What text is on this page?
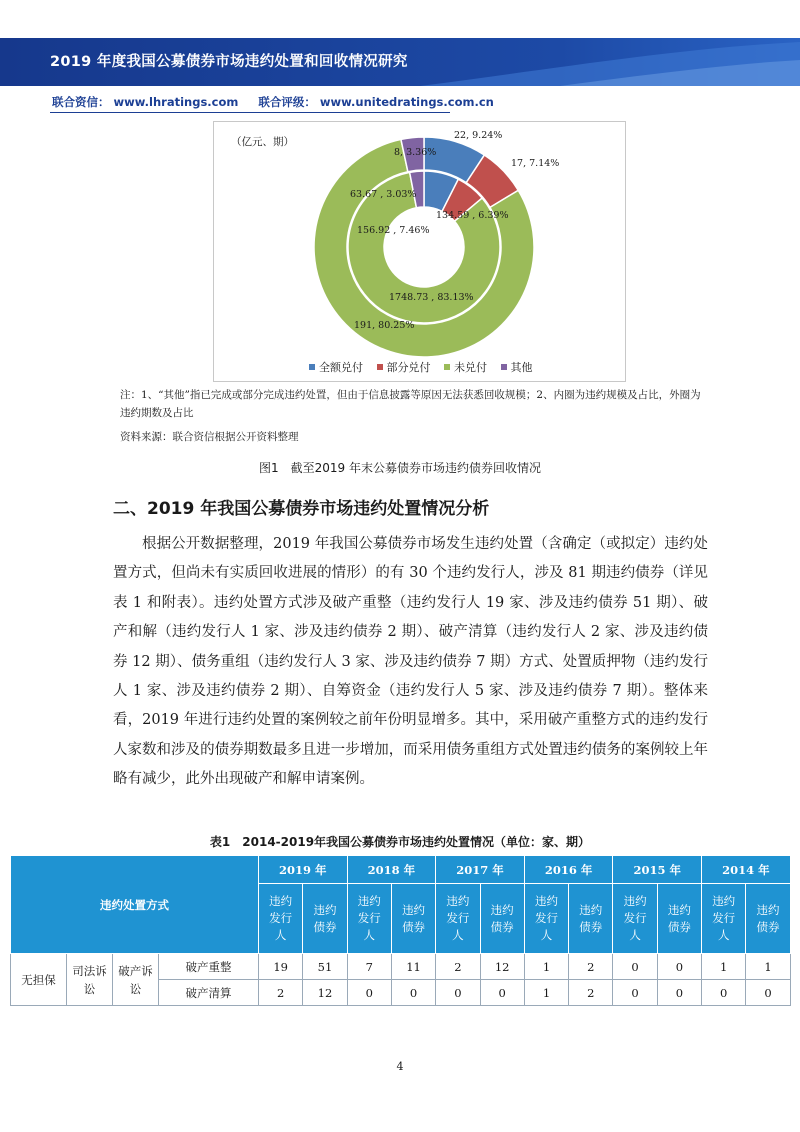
2019 年度我国公募债券市场违约处置和回收情况研究
联合资信： www.lhratings.com 联合评级： www.unitedratings.com.cn
（亿元、期）
22, 9.24%
17, 7.14%
191, 80.25%
8, 3.36%
156.92 , 7.46%
134.59 , 6.39%
1748.73 , 83.13%
63.67 , 3.03%
全额兑付
部分兑付
未兑付
其他
注：1、“其他”指已完成或部分完成违约处置，但由于信息披露等原因无法获悉回收规模；2、内圈为违约规模及占比，外圈为违约期数及占比
资料来源：联合资信根据公开资料整理
图1　截至2019 年末公募债券市场违约债券回收情况
二、2019 年我国公募债券市场违约处置情况分析
根据公开数据整理，2019 年我国公募债券市场发生违约处置（含确定（或拟定）违约处置方式，但尚未有实质回收进展的情形）的有 30 个违约发行人，涉及 81 期违约债券（详见表 1 和附表）。违约处置方式涉及破产重整（违约发行人 19 家、涉及违约债券 51 期）、破产和解（违约发行人 1 家、涉及违约债券 2 期）、破产清算（违约发行人 2 家、涉及违约债券 12 期）、债务重组（违约发行人 3 家、涉及违约债券 7 期）方式、处置质押物（违约发行人 1 家、涉及违约债券 2 期）、自筹资金（违约发行人 5 家、涉及违约债券 7 期）。整体来看，2019 年进行违约处置的案例较之前年份明显增多。其中，采用破产重整方式的违约发行人家数和涉及的债券期数最多且进一步增加，而采用债务重组方式处置违约债务的案例较上年略有减少，此外出现破产和解申请案例。
表1　2014-2019年我国公募债券市场违约处置情况（单位：家、期）
违约处置方式				2019 年		2018 年		2017 年		2016 年		2015 年		2014 年	
				违约
发行
人	违约
债券	违约
发行
人	违约
债券	违约
发行
人	违约
债券	违约
发行
人	违约
债券	违约
发行
人	违约
债券	违约
发行
人	违约
债券
无担保	司法诉讼	破产诉讼	破产重整	19	51	7	11	2	12	1	2	0	0	1	1
			破产清算	2	12	0	0	0	0	1	2	0	0	0	0
4
